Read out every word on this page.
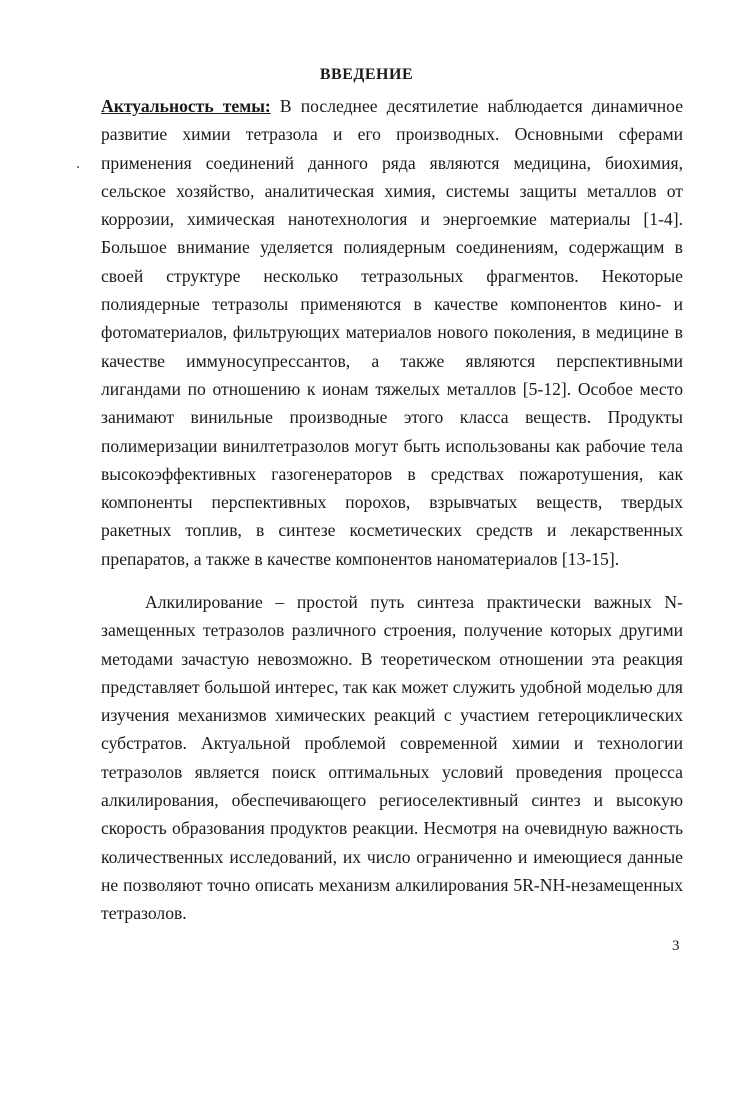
ВВЕДЕНИЕ
Актуальность темы: В последнее десятилетие наблюдается динамичное развитие химии тетразола и его производных. Основными сферами применения соединений данного ряда являются медицина, биохимия, сельское хозяйство, аналитическая химия, системы защиты металлов от коррозии, химическая нанотехнология и энергоемкие материалы [1-4]. Большое внимание уделяется полиядерным соединениям, содержащим в своей структуре несколько тетразольных фрагментов. Некоторые полиядерные тетразолы применяются в качестве компонентов кино- и фотоматериалов, фильтрующих материалов нового поколения, в медицине в качестве иммуносупрессантов, а также являются перспективными лигандами по отношению к ионам тяжелых металлов [5-12]. Особое место занимают винильные производные этого класса веществ. Продукты полимеризации винилтетразолов могут быть использованы как рабочие тела высокоэффективных газогенераторов в средствах пожаротушения, как компоненты перспективных порохов, взрывчатых веществ, твердых ракетных топлив, в синтезе косметических средств и лекарственных препаратов, а также в качестве компонентов наноматериалов [13-15].
Алкилирование – простой путь синтеза практически важных N-замещенных тетразолов различного строения, получение которых другими методами зачастую невозможно. В теоретическом отношении эта реакция представляет большой интерес, так как может служить удобной моделью для изучения механизмов химических реакций с участием гетероциклических субстратов. Актуальной проблемой современной химии и технологии тетразолов является поиск оптимальных условий проведения процесса алкилирования, обеспечивающего региоселективный синтез и высокую скорость образования продуктов реакции. Несмотря на очевидную важность количественных исследований, их число ограниченно и имеющиеся данные не позволяют точно описать механизм алкилирования 5R-NH-незамещенных тетразолов.
3
